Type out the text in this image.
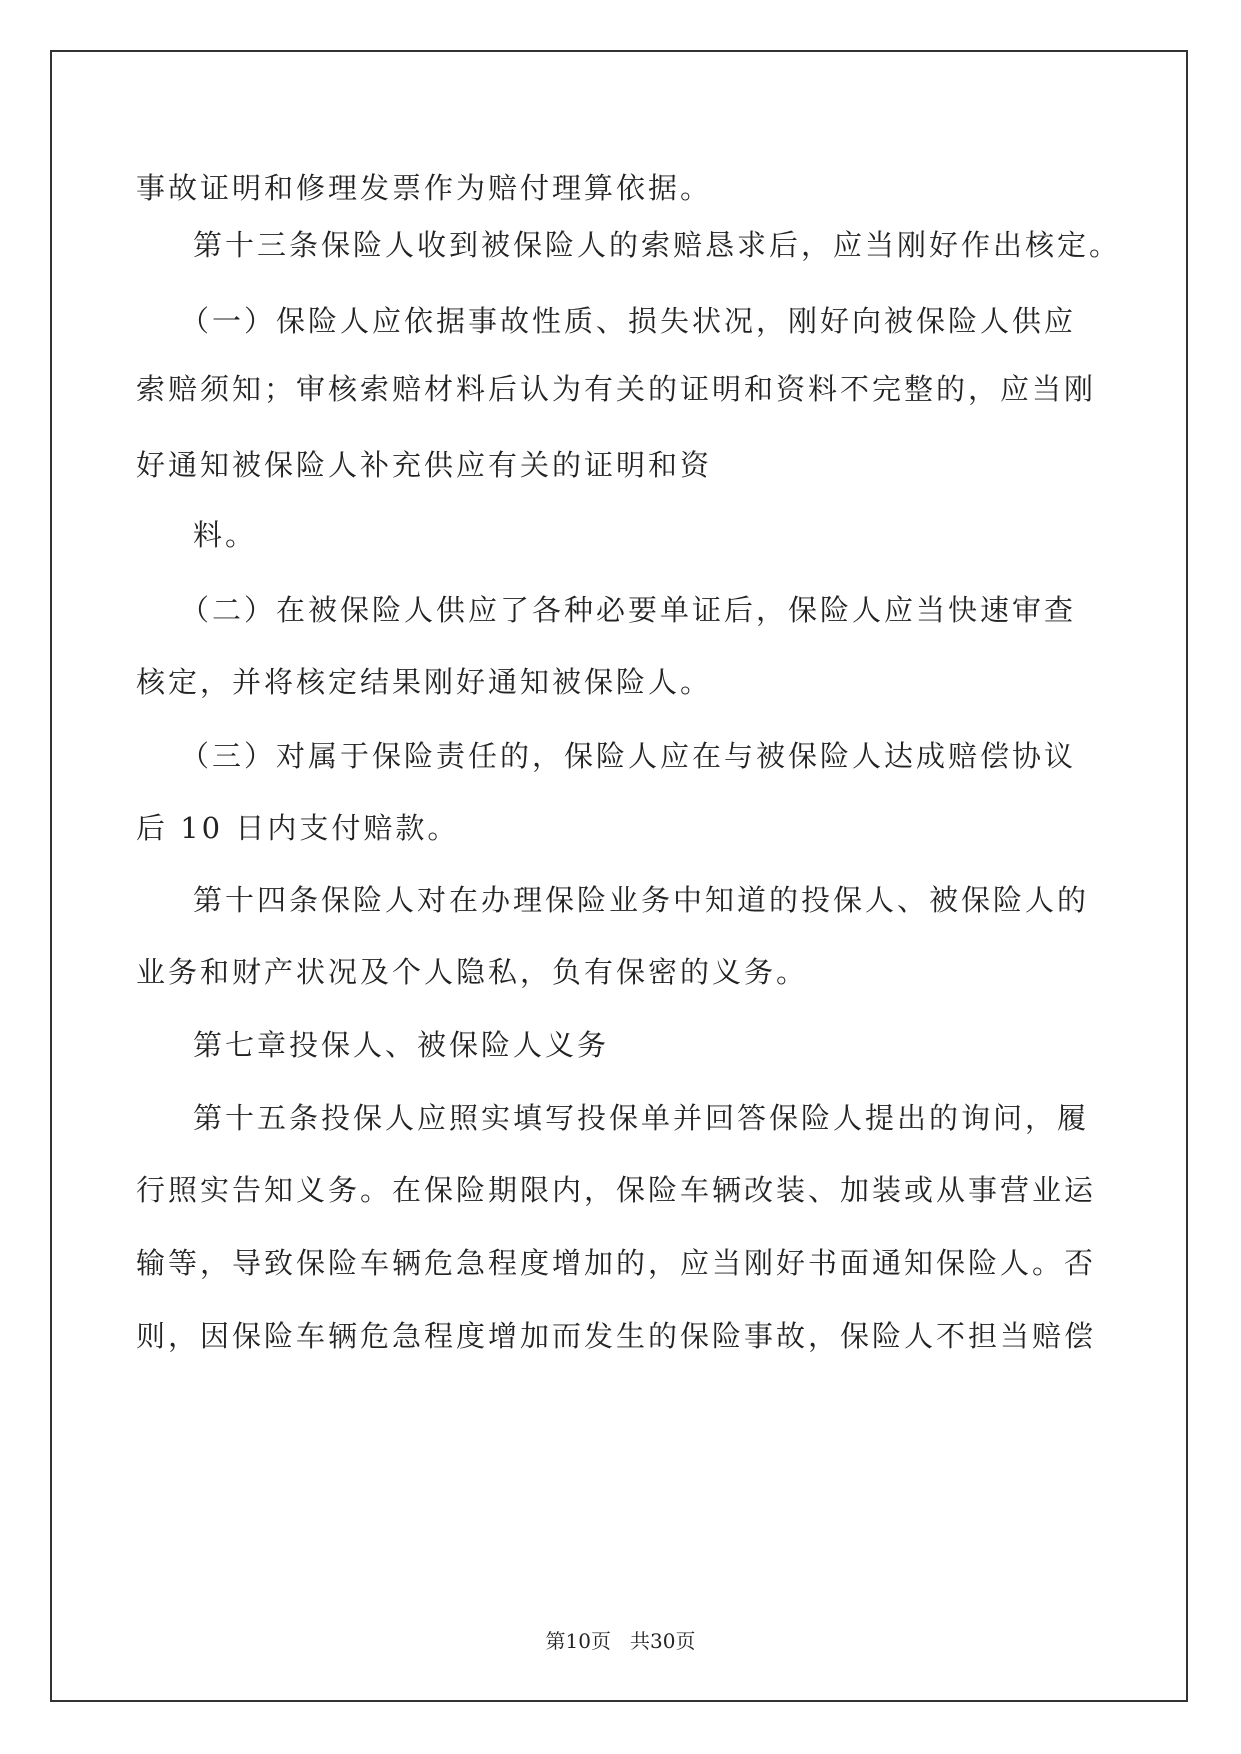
事故证明和修理发票作为赔付理算依据。

第十三条保险人收到被保险人的索赔恳求后，应当刚好作出核定。

（一）保险人应依据事故性质、损失状况，刚好向被保险人供应

索赔须知；审核索赔材料后认为有关的证明和资料不完整的，应当刚

好通知被保险人补充供应有关的证明和资

料。

（二）在被保险人供应了各种必要单证后，保险人应当快速审查

核定，并将核定结果刚好通知被保险人。

（三）对属于保险责任的，保险人应在与被保险人达成赔偿协议

后 10 日内支付赔款。

第十四条保险人对在办理保险业务中知道的投保人、被保险人的

业务和财产状况及个人隐私，负有保密的义务。

第七章投保人、被保险人义务

第十五条投保人应照实填写投保单并回答保险人提出的询问，履

行照实告知义务。在保险期限内，保险车辆改装、加装或从事营业运

输等，导致保险车辆危急程度增加的，应当刚好书面通知保险人。否

则，因保险车辆危急程度增加而发生的保险事故，保险人不担当赔偿

第10页   共30页
